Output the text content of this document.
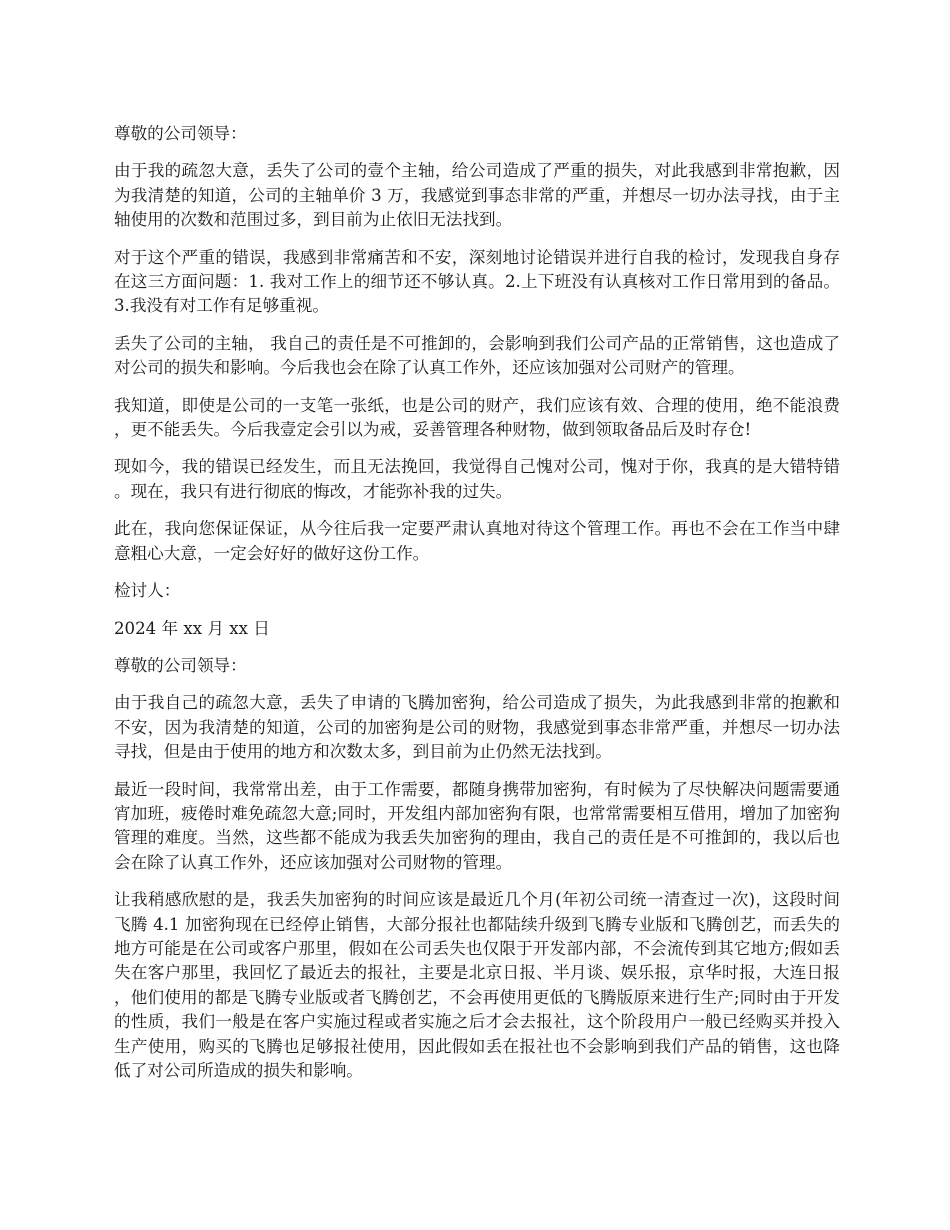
尊敬的公司领导：

由于我的疏忽大意，丢失了公司的壹个主轴，给公司造成了严重的损失，对此我感到非常抱歉，因为我清楚的知道，公司的主轴单价 3 万，我感觉到事态非常的严重，并想尽一切办法寻找，由于主轴使用的次数和范围过多，到目前为止依旧无法找到。

对于这个严重的错误，我感到非常痛苦和不安，深刻地讨论错误并进行自我的检讨，发现我自身存在这三方面问题：1. 我对工作上的细节还不够认真。2.上下班没有认真核对工作日常用到的备品。3.我没有对工作有足够重视。

丢失了公司的主轴， 我自己的责任是不可推卸的，会影响到我们公司产品的正常销售，这也造成了对公司的损失和影响。今后我也会在除了认真工作外，还应该加强对公司财产的管理。

我知道，即使是公司的一支笔一张纸，也是公司的财产，我们应该有效、合理的使用，绝不能浪费，更不能丢失。今后我壹定会引以为戒，妥善管理各种财物，做到领取备品后及时存仓!

现如今，我的错误已经发生，而且无法挽回，我觉得自己愧对公司，愧对于你，我真的是大错特错。现在，我只有进行彻底的悔改，才能弥补我的过失。

此在，我向您保证保证，从今往后我一定要严肃认真地对待这个管理工作。再也不会在工作当中肆意粗心大意，一定会好好的做好这份工作。

检讨人：

2024 年 xx 月 xx 日

尊敬的公司领导：

由于我自己的疏忽大意，丢失了申请的飞腾加密狗，给公司造成了损失，为此我感到非常的抱歉和不安，因为我清楚的知道，公司的加密狗是公司的财物，我感觉到事态非常严重，并想尽一切办法寻找，但是由于使用的地方和次数太多，到目前为止仍然无法找到。

最近一段时间，我常常出差，由于工作需要，都随身携带加密狗，有时候为了尽快解决问题需要通宵加班，疲倦时难免疏忽大意;同时，开发组内部加密狗有限，也常常需要相互借用，增加了加密狗管理的难度。当然，这些都不能成为我丢失加密狗的理由，我自己的责任是不可推卸的，我以后也会在除了认真工作外，还应该加强对公司财物的管理。

让我稍感欣慰的是，我丢失加密狗的时间应该是最近几个月(年初公司统一清查过一次)，这段时间飞腾 4.1 加密狗现在已经停止销售，大部分报社也都陆续升级到飞腾专业版和飞腾创艺，而丢失的地方可能是在公司或客户那里，假如在公司丢失也仅限于开发部内部，不会流传到其它地方;假如丢失在客户那里，我回忆了最近去的报社，主要是北京日报、半月谈、娱乐报，京华时报，大连日报，他们使用的都是飞腾专业版或者飞腾创艺，不会再使用更低的飞腾版原来进行生产;同时由于开发的性质，我们一般是在客户实施过程或者实施之后才会去报社，这个阶段用户一般已经购买并投入生产使用，购买的飞腾也足够报社使用，因此假如丢在报社也不会影响到我们产品的销售，这也降低了对公司所造成的损失和影响。
